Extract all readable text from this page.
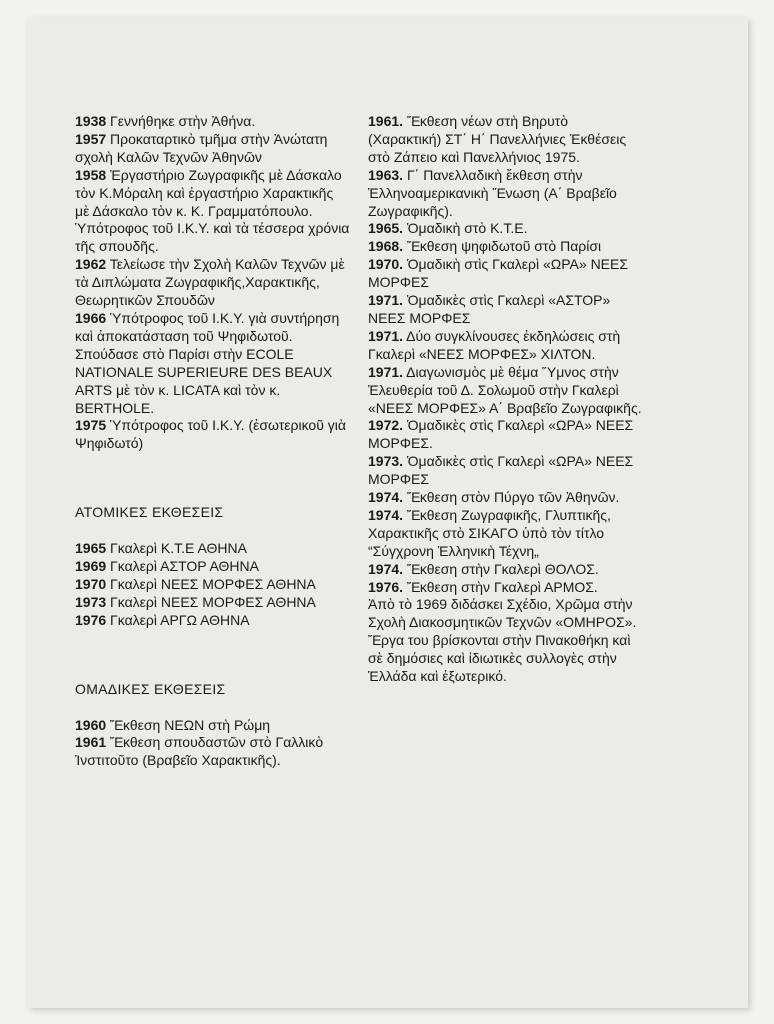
1938 Γεννήθηκε στὴν Ἀθήνα.

1957 Προκαταρτικὸ τμῆμα στὴν Ἀνώτατη σχολὴ Καλῶν Τεχνῶν Ἀθηνῶν

1958 Ἐργαστήριο Ζωγραφικῆς μὲ Δάσκαλο τὸν Κ.Μόραλη καὶ ἐργαστήριο Χαρακτικῆς μὲ Δάσκαλο τὸν κ. Κ. Γραμματόπουλο. Ὑπότροφος τοῦ Ι.Κ.Υ. καὶ τὰ τέσσερα χρόνια τῆς σπουδῆς.

1962 Τελείωσε τὴν Σχολὴ Καλῶν Τεχνῶν μὲ τὰ Διπλώματα Ζωγραφικῆς,Χαρακτικῆς, Θεωρητικῶν Σπουδῶν

1966 Ὑπότροφος τοῦ Ι.Κ.Υ. γιὰ συντήρηση καὶ ἀποκατάσταση τοῦ Ψηφιδωτοῦ. Σπούδασε στὸ Παρίσι στὴν ECOLE NATIONALE SUPERIEURE DES BEAUX ARTS μὲ τὸν κ. LICATA καὶ τὸν κ. BERTHOLE.

1975 Ὑπότροφος τοῦ Ι.Κ.Υ. (ἐσωτερικοῦ γιὰ Ψηφιδωτό)

ΑΤΟΜΙΚΕΣ ΕΚΘΕΣΕΙΣ

1965 Γκαλερὶ Κ.Τ.Ε ΑΘΗΝΑ

1969 Γκαλερὶ ΑΣΤΟΡ ΑΘΗΝΑ

1970 Γκαλερὶ ΝΕΕΣ ΜΟΡΦΕΣ ΑΘΗΝΑ

1973 Γκαλερὶ ΝΕΕΣ ΜΟΡΦΕΣ ΑΘΗΝΑ

1976 Γκαλερὶ ΑΡΓΩ ΑΘΗΝΑ

ΟΜΑΔΙΚΕΣ ΕΚΘΕΣΕΙΣ

1960 Ἔκθεση ΝΕΩΝ στὴ Ρώμη

1961 Ἔκθεση σπουδαστῶν στὸ Γαλλικὸ Ἰνστιτοῦτο (Βραβεῖο Χαρακτικῆς).

1961. Ἔκθεση νέων στὴ Βηρυτὸ (Χαρακτική) ΣΤ΄ Η΄ Πανελλήνιες Ἐκθέσεις στὸ Ζάπειο καὶ Πανελλήνιος 1975.

1963. Γ΄ Πανελλαδικὴ ἔκθεση στὴν Ἑλληνοαμερικανικὴ Ἕνωση (Α΄ Βραβεῖο Ζωγραφικῆς).

1965. Ὁμαδικὴ στὸ Κ.Τ.Ε.

1968. Ἔκθεση ψηφιδωτοῦ στὸ Παρίσι

1970. Ὁμαδικὴ στὶς Γκαλερὶ «ΩΡΑ» ΝΕΕΣ ΜΟΡΦΕΣ

1971. Ὁμαδικὲς στὶς Γκαλερὶ «ΑΣΤΟΡ» ΝΕΕΣ ΜΟΡΦΕΣ

1971. Δύο συγκλίνουσες ἐκδηλώσεις στὴ Γκαλερὶ «ΝΕΕΣ ΜΟΡΦΕΣ» ΧΙΛΤΟΝ.

1971. Διαγωνισμὸς μὲ θέμα Ὕμνος στὴν Ἐλευθερία τοῦ Δ. Σολωμοῦ στὴν Γκαλερὶ «ΝΕΕΣ ΜΟΡΦΕΣ» Α΄ Βραβεῖο Ζωγραφικῆς.

1972. Ὁμαδικὲς στὶς Γκαλερὶ «ΩΡΑ» ΝΕΕΣ ΜΟΡΦΕΣ.

1973. Ὁμαδικὲς στὶς Γκαλερὶ «ΩΡΑ» ΝΕΕΣ ΜΟΡΦΕΣ

1974. Ἔκθεση στὸν Πύργο τῶν Ἀθηνῶν.

1974. Ἔκθεση Ζωγραφικῆς, Γλυπτικῆς, Χαρακτικῆς στὸ ΣΙΚΑΓΟ ὑπὸ τὸν τίτλο “Σύγχρονη Ἑλληνικὴ Τέχνη„

1974. Ἔκθεση στὴν Γκαλερὶ ΘΟΛΟΣ.

1976. Ἔκθεση στὴν Γκαλερὶ ΑΡΜΟΣ.

Ἀπὸ τὸ 1969 διδάσκει Σχέδιο, Χρῶμα στὴν Σχολὴ Διακοσμητικῶν Τεχνῶν «ΟΜΗΡΟΣ». Ἔργα του βρίσκονται στὴν Πινακοθήκη καὶ σὲ δημόσιες καὶ ἰδιωτικὲς συλλογὲς στὴν Ἑλλάδα καὶ ἐξωτερικό.
